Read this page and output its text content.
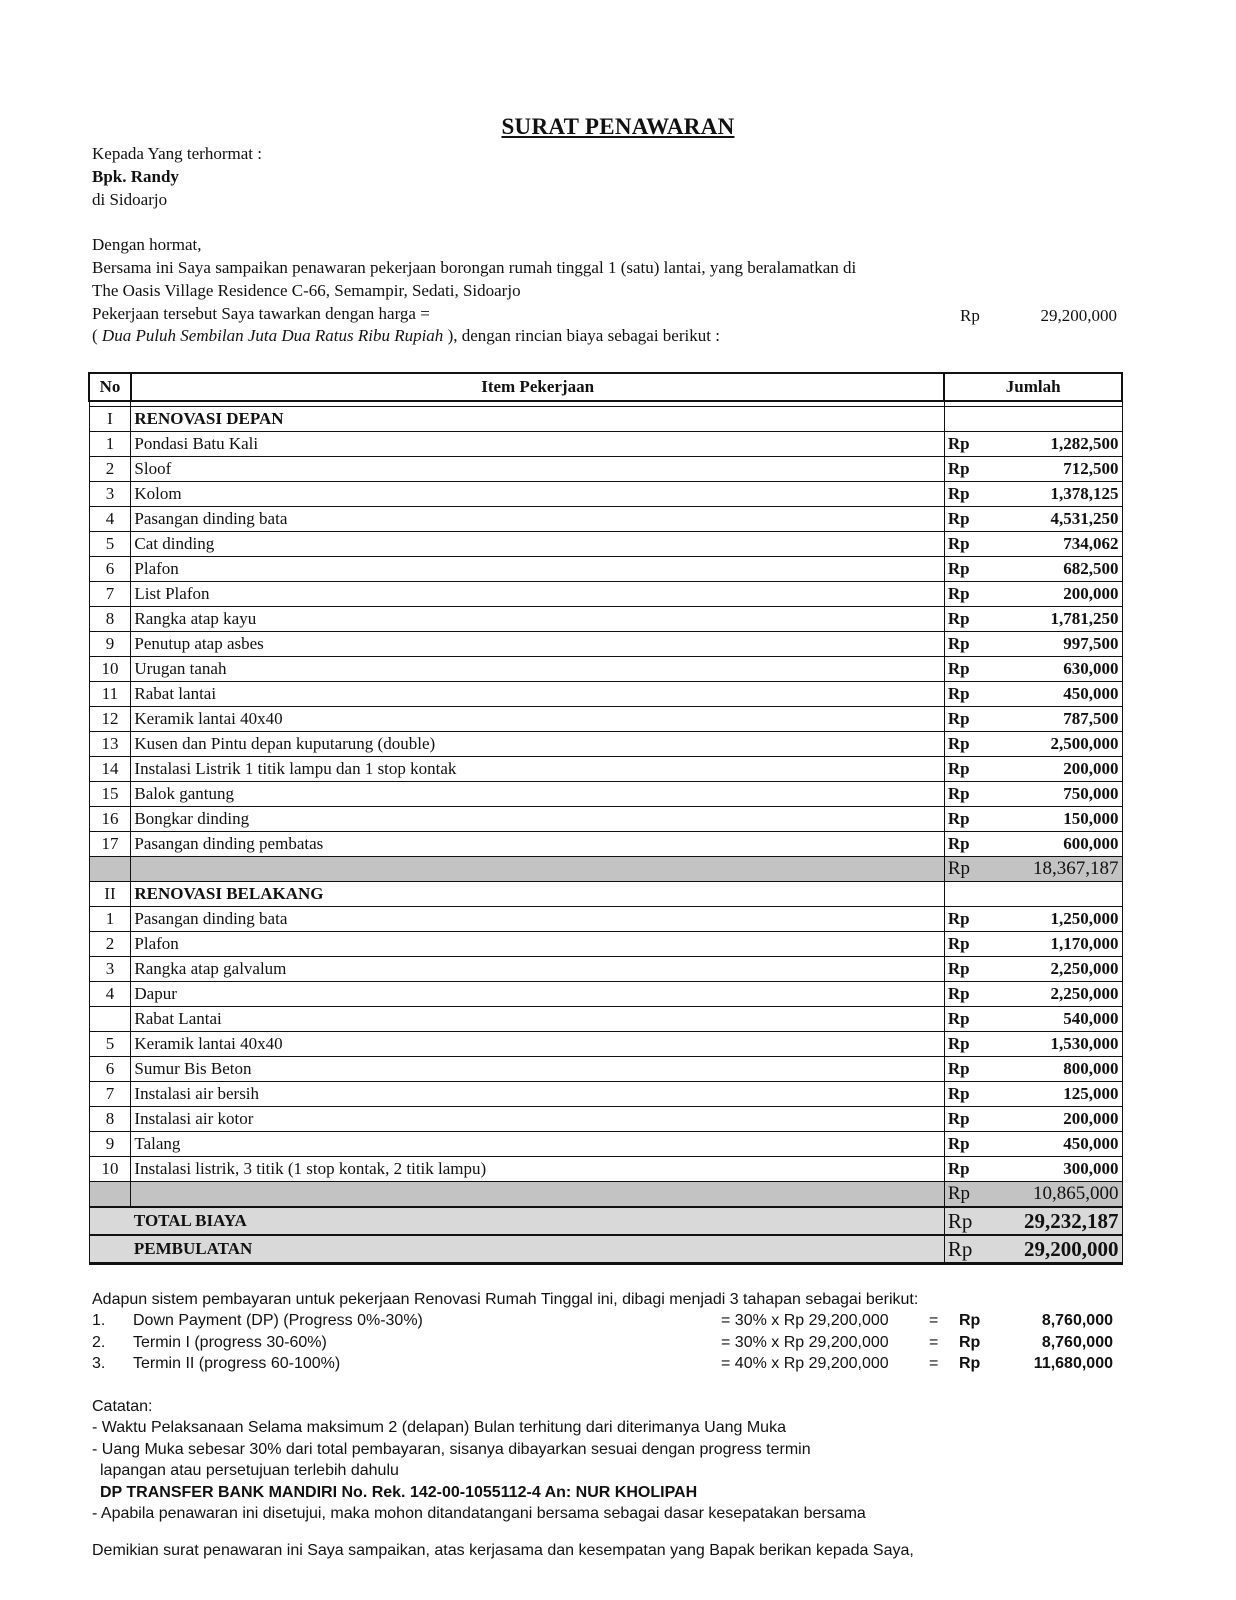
SURAT PENAWARAN
Kepada Yang terhormat :
Bpk. Randy
di Sidoarjo
Dengan hormat,
Bersama ini Saya sampaikan penawaran pekerjaan borongan rumah tinggal 1 (satu) lantai, yang beralamatkan di
The Oasis Village Residence C-66, Semampir, Sedati, Sidoarjo
Pekerjaan tersebut Saya tawarkan dengan harga =	Rp	29,200,000
( Dua Puluh Sembilan Juta Dua Ratus Ribu Rupiah ), dengan rincian biaya sebagai berikut :
No	Item Pekerjaan	Jumlah

I	RENOVASI DEPAN	
1	Pondasi Batu Kali	Rp 1,282,500

2	Sloof	Rp 712,500

3	Kolom	Rp 1,378,125

4	Pasangan dinding bata	Rp 4,531,250

5	Cat dinding	Rp 734,062

6	Plafon	Rp 682,500

7	List Plafon	Rp 200,000

8	Rangka atap kayu	Rp 1,781,250

9	Penutup atap asbes	Rp 997,500

10	Urugan tanah	Rp 630,000

11	Rabat lantai	Rp 450,000

12	Keramik lantai 40x40	Rp 787,500

13	Kusen dan Pintu depan kuputarung (double)	Rp 2,500,000

14	Instalasi Listrik 1 titik lampu dan 1 stop kontak	Rp 200,000

15	Balok gantung	Rp 750,000

16	Bongkar dinding	Rp 150,000

17	Pasangan dinding pembatas	Rp 600,000

		Rp 18,367,187

II	RENOVASI BELAKANG	
1	Pasangan dinding bata	Rp 1,250,000

2	Plafon	Rp 1,170,000

3	Rangka atap galvalum	Rp 2,250,000

4	Dapur	Rp 2,250,000

	Rabat Lantai	Rp 540,000

5	Keramik lantai 40x40	Rp 1,530,000

6	Sumur Bis Beton	Rp 800,000

7	Instalasi air bersih	Rp 125,000

8	Instalasi air kotor	Rp 200,000

9	Talang	Rp 450,000

10	Instalasi listrik, 3 titik (1 stop kontak, 2 titik lampu)	Rp 300,000

		Rp 10,865,000

	TOTAL BIAYA	Rp 29,232,187

	PEMBULATAN	Rp 29,200,000
Adapun sistem pembayaran untuk pekerjaan Renovasi Rumah Tinggal ini, dibagi menjadi 3 tahapan sebagai berikut:
1. Down Payment (DP) (Progress 0%-30%)	= 30% x Rp 29,200,000	= Rp	8,760,000
2. Termin I (progress 30-60%)	= 30% x Rp 29,200,000	= Rp	8,760,000
3. Termin II (progress 60-100%)	= 40% x Rp 29,200,000	= Rp	11,680,000
Catatan:
- Waktu Pelaksanaan Selama maksimum 2 (delapan) Bulan terhitung dari diterimanya Uang Muka
- Uang Muka sebesar 30% dari total pembayaran, sisanya dibayarkan sesuai dengan progress termin
lapangan atau persetujuan terlebih dahulu
DP TRANSFER BANK MANDIRI No. Rek. 142-00-1055112-4 An: NUR KHOLIPAH
- Apabila penawaran ini disetujui, maka mohon ditandatangani bersama sebagai dasar kesepatakan bersama
Demikian surat penawaran ini Saya sampaikan, atas kerjasama dan kesempatan yang Bapak berikan kepada Saya,
